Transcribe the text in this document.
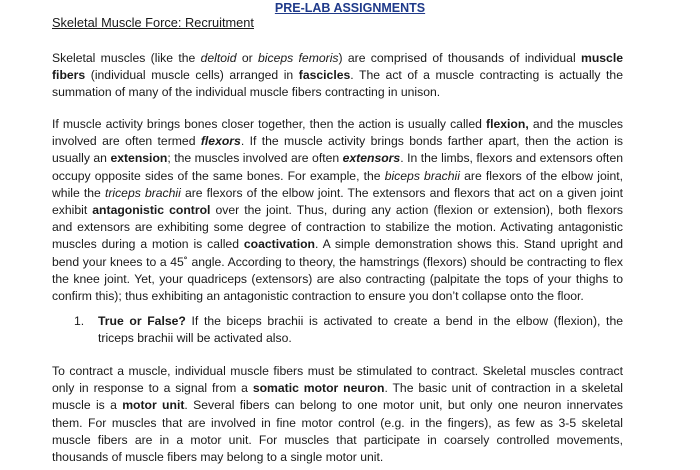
PRE-LAB ASSIGNMENTS
Skeletal Muscle Force: Recruitment

Skeletal muscles (like the deltoid or biceps femoris) are comprised of thousands of individual muscle fibers (individual muscle cells) arranged in fascicles. The act of a muscle contracting is actually the summation of many of the individual muscle fibers contracting in unison.

If muscle activity brings bones closer together, then the action is usually called flexion, and the muscles involved are often termed flexors. If the muscle activity brings bonds farther apart, then the action is usually an extension; the muscles involved are often extensors. In the limbs, flexors and extensors often occupy opposite sides of the same bones. For example, the biceps brachii are flexors of the elbow joint, while the triceps brachii are flexors of the elbow joint. The extensors and flexors that act on a given joint exhibit antagonistic control over the joint. Thus, during any action (flexion or extension), both flexors and extensors are exhibiting some degree of contraction to stabilize the motion. Activating antagonistic muscles during a motion is called coactivation. A simple demonstration shows this. Stand upright and bend your knees to a 45˚ angle. According to theory, the hamstrings (flexors) should be contracting to flex the knee joint. Yet, your quadriceps (extensors) are also contracting (palpitate the tops of your thighs to confirm this); thus exhibiting an antagonistic contraction to ensure you don’t collapse onto the floor.

1. True or False? If the biceps brachii is activated to create a bend in the elbow (flexion), the triceps brachii will be activated also.

To contract a muscle, individual muscle fibers must be stimulated to contract. Skeletal muscles contract only in response to a signal from a somatic motor neuron. The basic unit of contraction in a skeletal muscle is a motor unit. Several fibers can belong to one motor unit, but only one neuron innervates them. For muscles that are involved in fine motor control (e.g. in the fingers), as few as 3-5 skeletal muscle fibers are in a motor unit. For muscles that participate in coarsely controlled movements, thousands of muscle fibers may belong to a single motor unit.
